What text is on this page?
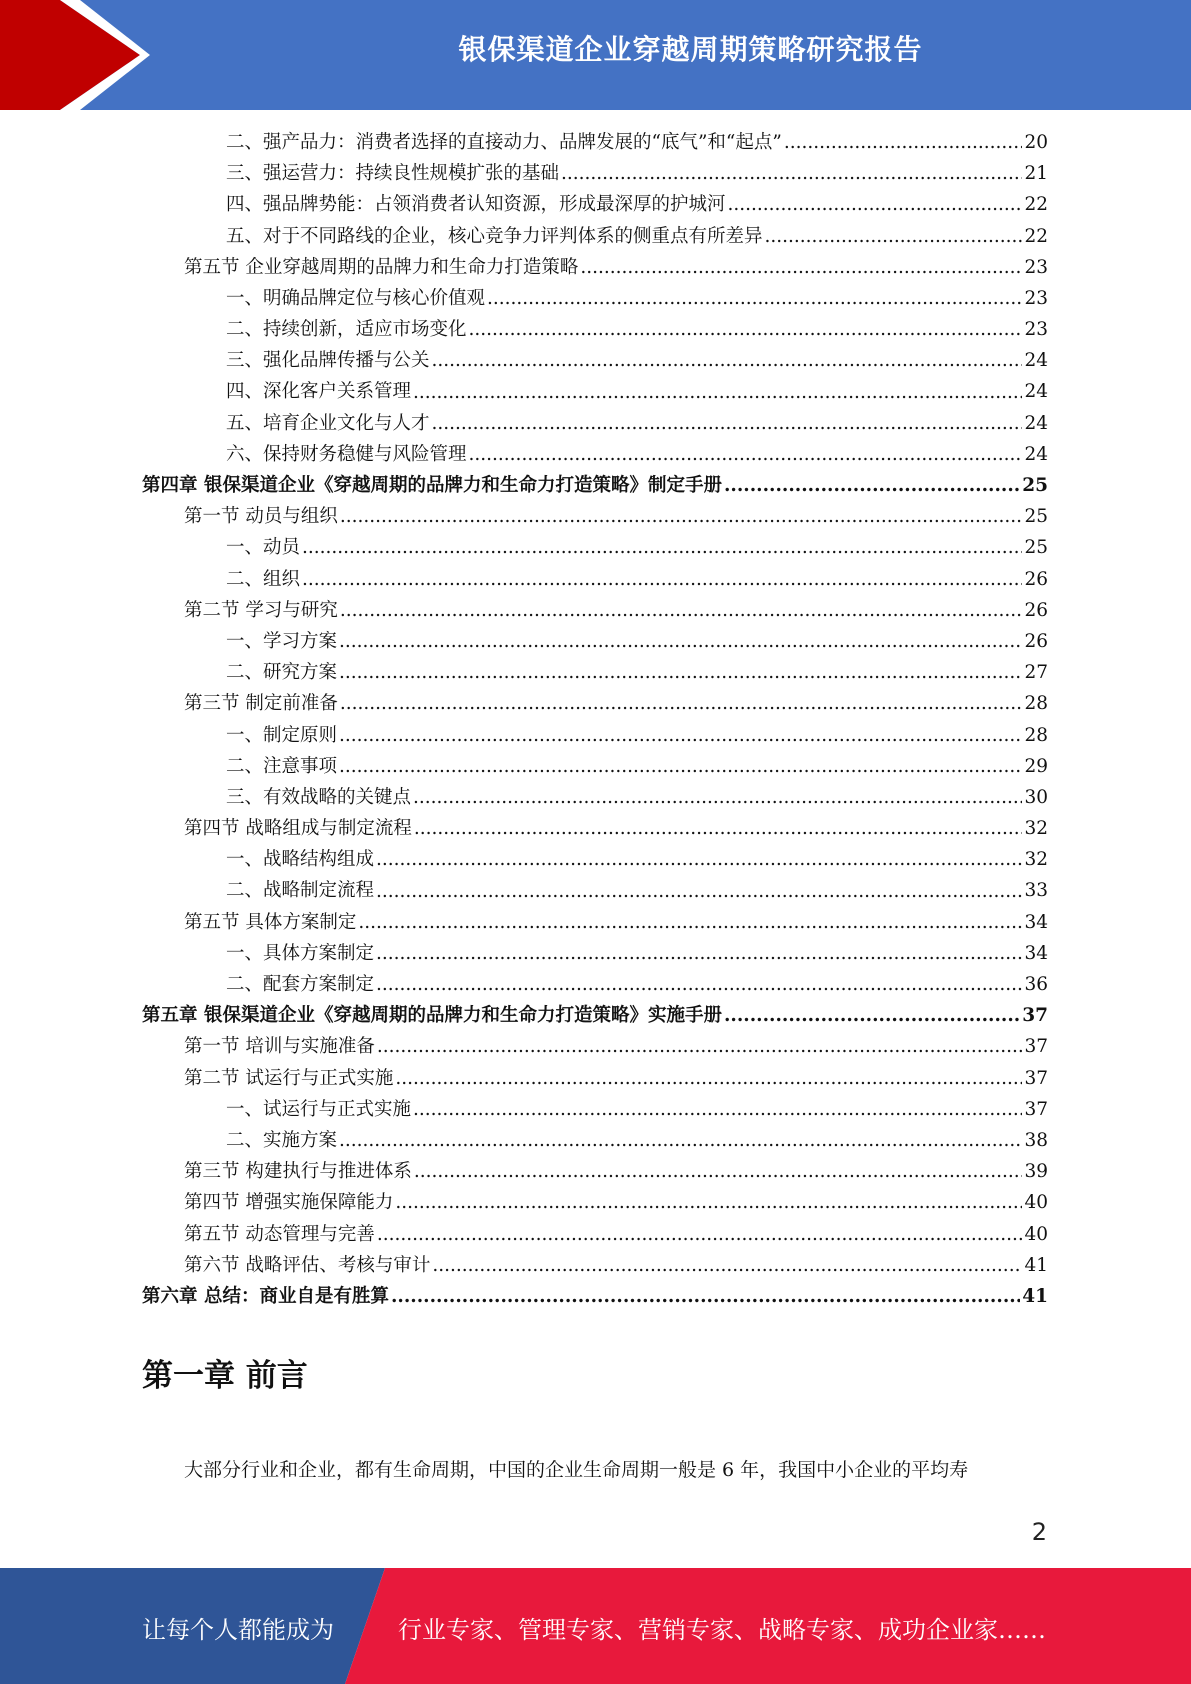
银保渠道企业穿越周期策略研究报告
二、强产品力：消费者选择的直接动力、品牌发展的“底气”和“起点” .....	20
三、强运营力：持续良性规模扩张的基础 .....	21
四、强品牌势能：占领消费者认知资源，形成最深厚的护城河 .....	22
五、对于不同路线的企业，核心竞争力评判体系的侧重点有所差异 .....	22
第五节 企业穿越周期的品牌力和生命力打造策略 .....	23
一、明确品牌定位与核心价值观 .....	23
二、持续创新，适应市场变化 .....	23
三、强化品牌传播与公关 .....	24
四、深化客户关系管理 .....	24
五、培育企业文化与人才 .....	24
六、保持财务稳健与风险管理 .....	24
第四章 银保渠道企业《穿越周期的品牌力和生命力打造策略》制定手册 .....	25
第一节 动员与组织 .....	25
一、动员 .....	25
二、组织 .....	26
第二节 学习与研究 .....	26
一、学习方案 .....	26
二、研究方案 .....	27
第三节 制定前准备 .....	28
一、制定原则 .....	28
二、注意事项 .....	29
三、有效战略的关键点 .....	30
第四节 战略组成与制定流程 .....	32
一、战略结构组成 .....	32
二、战略制定流程 .....	33
第五节 具体方案制定 .....	34
一、具体方案制定 .....	34
二、配套方案制定 .....	36
第五章 银保渠道企业《穿越周期的品牌力和生命力打造策略》实施手册 .....	37
第一节 培训与实施准备 .....	37
第二节 试运行与正式实施 .....	37
一、试运行与正式实施 .....	37
二、实施方案 .....	38
第三节 构建执行与推进体系 .....	39
第四节 增强实施保障能力 .....	40
第五节 动态管理与完善 .....	40
第六节 战略评估、考核与审计 .....	41
第六章 总结：商业自是有胜算 .....	41
第一章 前言
大部分行业和企业，都有生命周期，中国的企业生命周期一般是 6 年，我国中小企业的平均寿
2
让每个人都能成为	行业专家、管理专家、营销专家、战略专家、成功企业家……
